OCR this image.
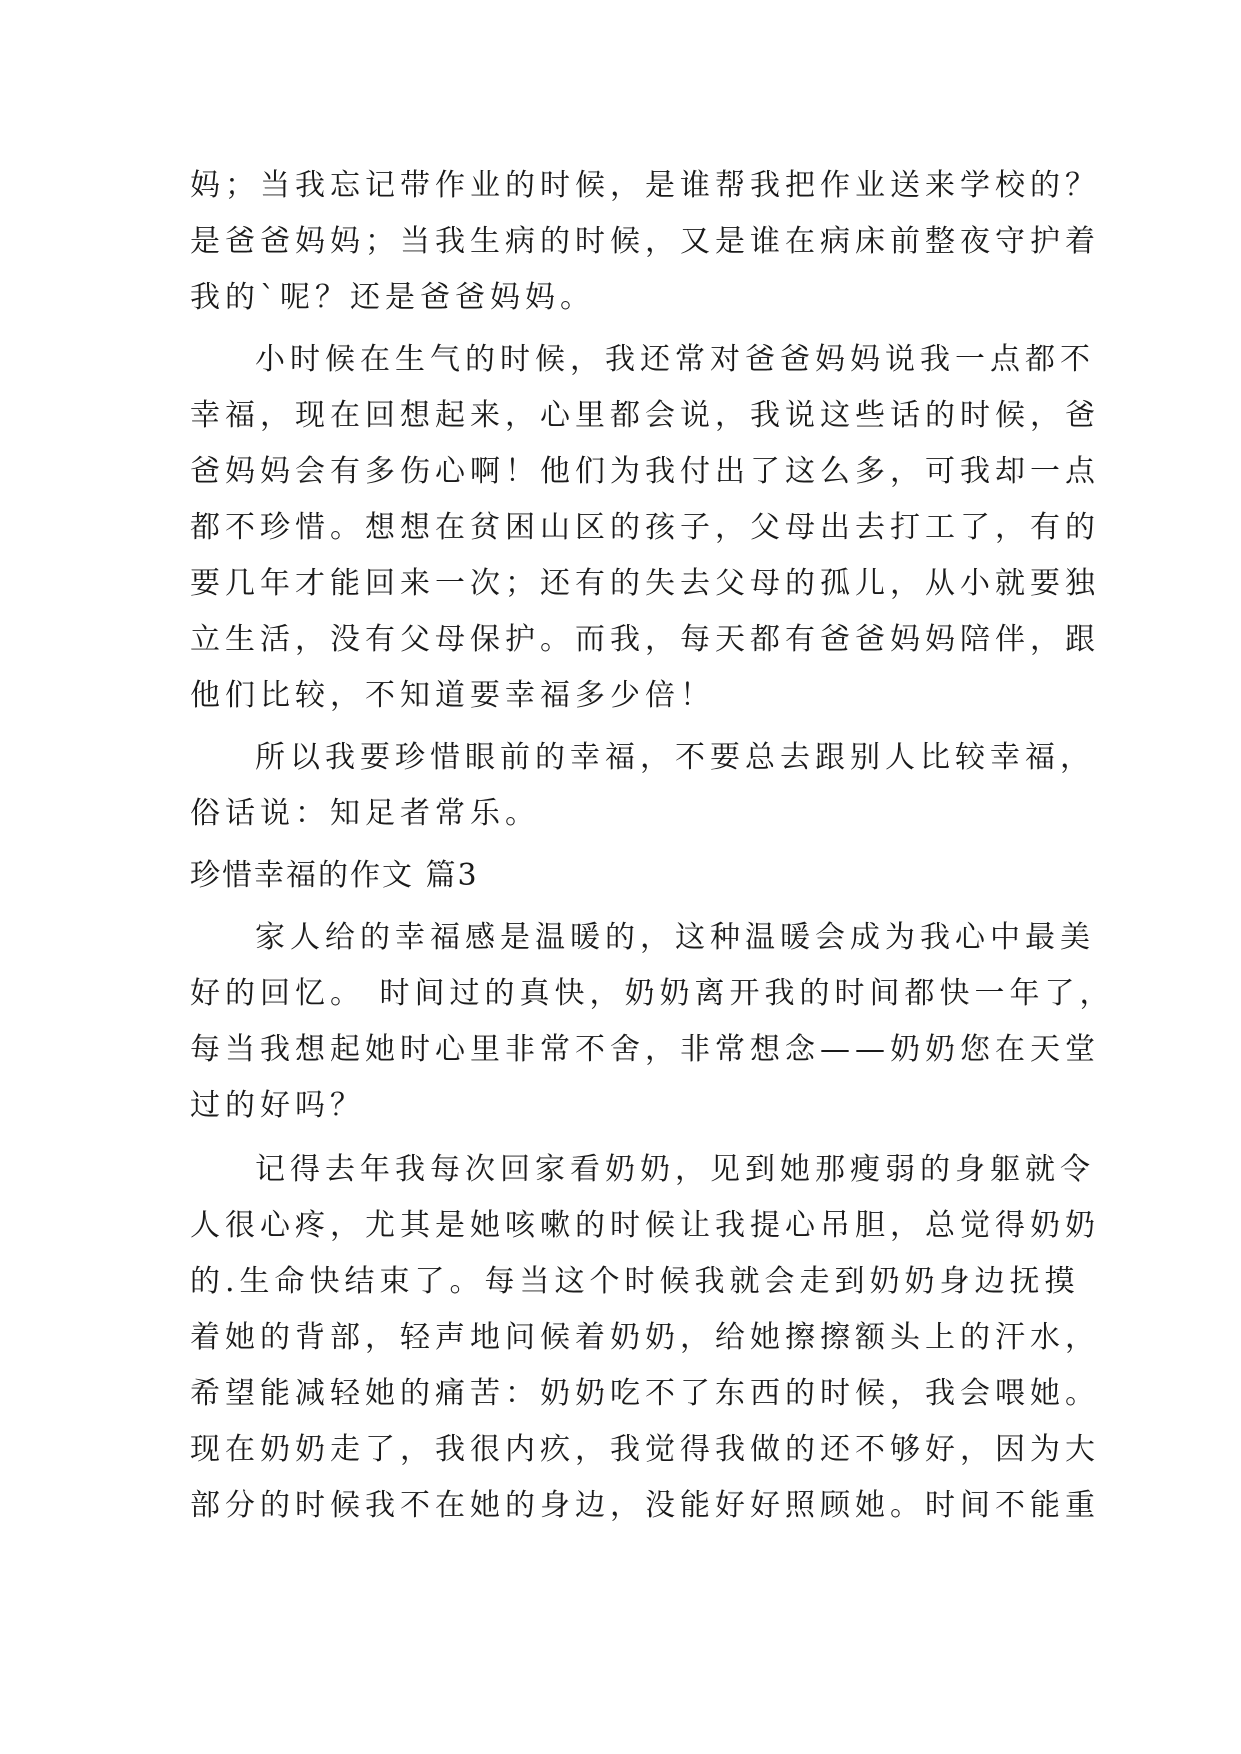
妈；当我忘记带作业的时候，是谁帮我把作业送来学校的？
是爸爸妈妈；当我生病的时候，又是谁在病床前整夜守护着
我的`呢？还是爸爸妈妈。
小时候在生气的时候，我还常对爸爸妈妈说我一点都不
幸福，现在回想起来，心里都会说，我说这些话的时候，爸
爸妈妈会有多伤心啊！他们为我付出了这么多，可我却一点
都不珍惜。想想在贫困山区的孩子，父母出去打工了，有的
要几年才能回来一次；还有的失去父母的孤儿，从小就要独
立生活，没有父母保护。而我，每天都有爸爸妈妈陪伴，跟
他们比较，不知道要幸福多少倍！
所以我要珍惜眼前的幸福，不要总去跟别人比较幸福，
俗话说：知足者常乐。
珍惜幸福的作文 篇3
家人给的幸福感是温暖的，这种温暖会成为我心中最美
好的回忆。 时间过的真快，奶奶离开我的时间都快一年了，
每当我想起她时心里非常不舍，非常想念——奶奶您在天堂
过的好吗？
记得去年我每次回家看奶奶，见到她那瘦弱的身躯就令
人很心疼，尤其是她咳嗽的时候让我提心吊胆，总觉得奶奶
的.生命快结束了。每当这个时候我就会走到奶奶身边抚摸
着她的背部，轻声地问候着奶奶，给她擦擦额头上的汗水，
希望能减轻她的痛苦：奶奶吃不了东西的时候，我会喂她。
现在奶奶走了，我很内疚，我觉得我做的还不够好，因为大
部分的时候我不在她的身边，没能好好照顾她。时间不能重
